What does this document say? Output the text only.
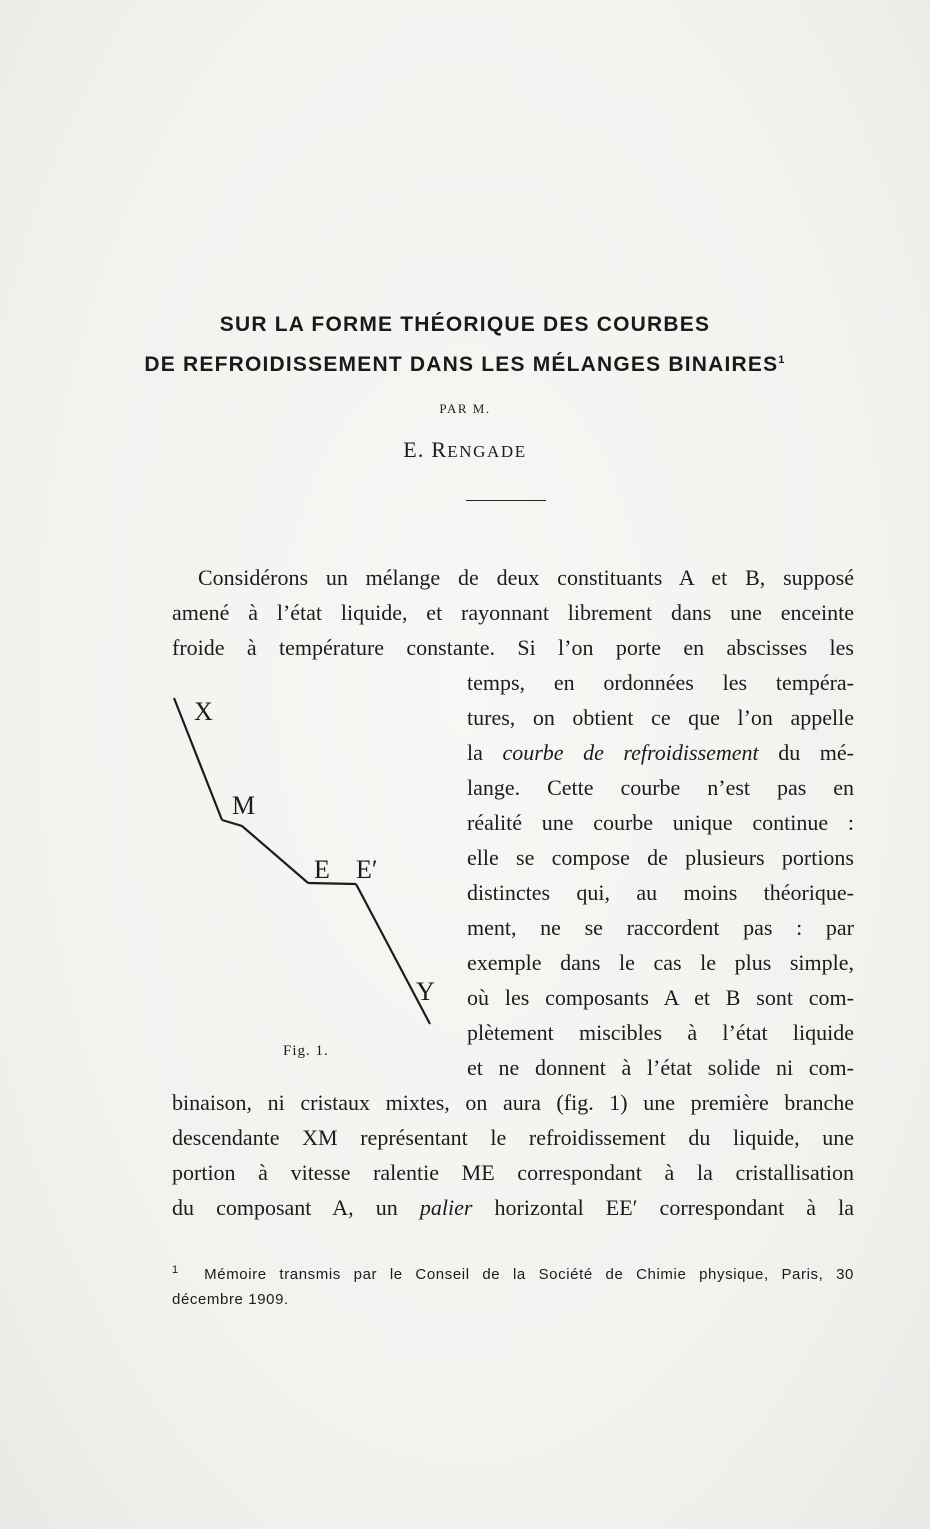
SUR LA FORME THÉORIQUE DES COURBES
DE REFROIDISSEMENT DANS LES MÉLANGES BINAIRES$^1$
PAR M.
E. RENGADE
Considérons un mélange de deux constituants A et B, supposé
amené à l’état liquide, et rayonnant librement dans une enceinte
froide à température constante. Si l’on porte en abscisses les
temps, en ordonnées les tempéra-
tures, on obtient ce que l’on appelle
la courbe de refroidissement du mé-
lange. Cette courbe n’est pas en
réalité une courbe unique continue :
elle se compose de plusieurs portions
distinctes qui, au moins théorique-
ment, ne se raccordent pas : par
exemple dans le cas le plus simple,
où les composants A et B sont com-
plètement miscibles à l’état liquide
et ne donnent à l’état solide ni com-
binaison, ni cristaux mixtes, on aura (fig. 1) une première branche
descendante XM représentant le refroidissement du liquide, une
portion à vitesse ralentie ME correspondant à la cristallisation
du composant A, un palier horizontal EE′ correspondant à la
X
M
E E′
Y
Fig. 1.
$^1$ Mémoire transmis par le Conseil de la Société de Chimie physique, Paris, 30
décembre 1909.
